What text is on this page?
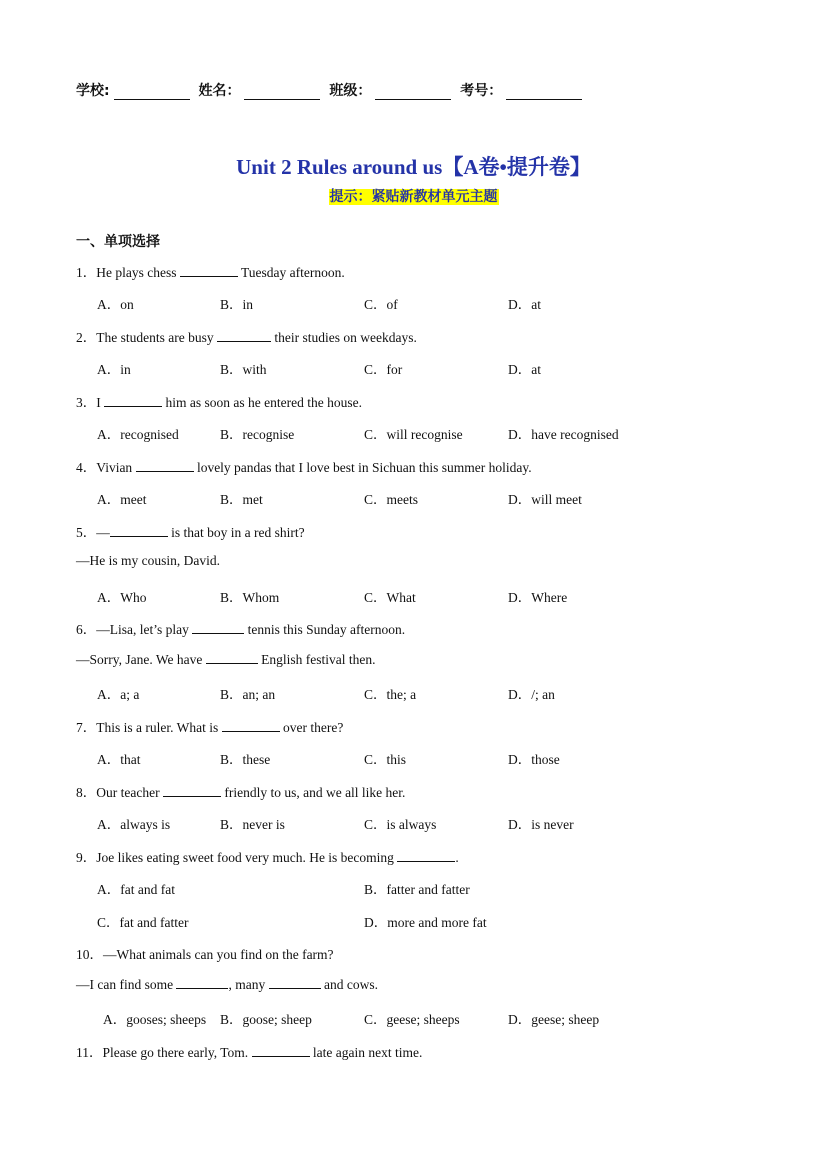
学校:	姓名：	班级：	考号：
Unit 2 Rules around us【A卷•提升卷】
提示：紧贴新教材单元主题
一、单项选择
1．He plays chess	Tuesday afternoon.
A．on	B．in	C．of	D．at
2．The students are busy	their studies on weekdays.
A．in	B．with	C．for	D．at
3．I	him as soon as he entered the house.
A．recognised	B．recognise	C．will recognise	D．have recognised
4．Vivian	lovely pandas that I love best in Sichuan this summer holiday.
A．meet	B．met	C．meets	D．will meet
5．—	is that boy in a red shirt?
—He is my cousin, David.
A．Who	B．Whom	C．What	D．Where
6．—Lisa, let’s play	tennis this Sunday afternoon.
—Sorry, Jane. We have	English festival then.
A．a; a	B．an; an	C．the; a	D．/; an
7．This is a ruler. What is	over there?
A．that	B．these	C．this	D．those
8．Our teacher	friendly to us, and we all like her.
A．always is	B．never is	C．is always	D．is never
9．Joe likes eating sweet food very much. He is becoming	.
A．fat and fat	B．fatter and fatter
C．fat and fatter	D．more and more fat
10．—What animals can you find on the farm?
—I can find some	, many	and cows.
A．gooses; sheeps B．goose; sheep	C．geese; sheeps	D．geese; sheep
11．Please go there early, Tom.	late again next time.
